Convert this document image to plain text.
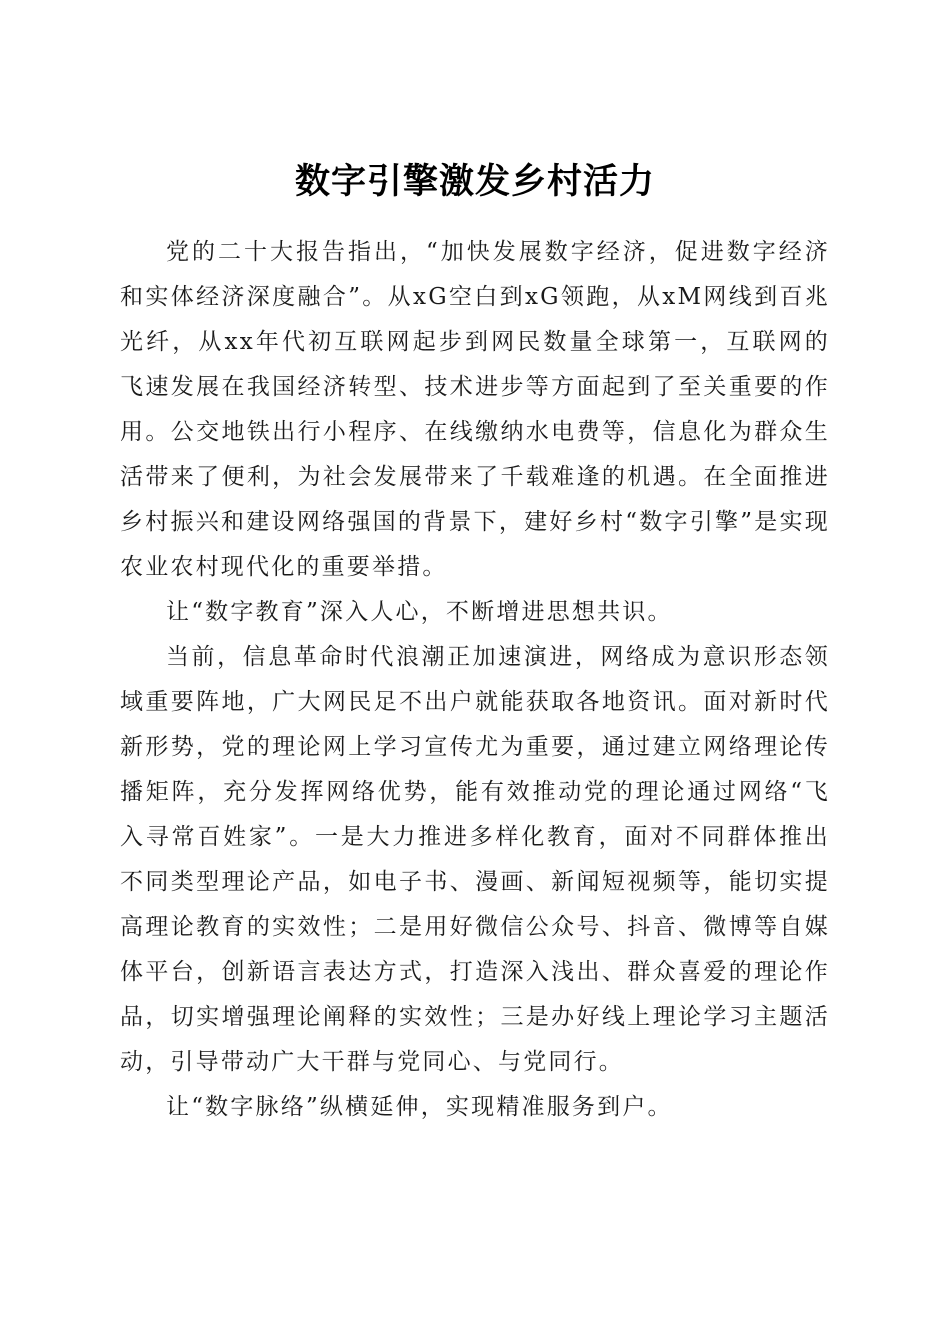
数字引擎激发乡村活力

党的二十大报告指出，“加快发展数字经济，促进数字经济和实体经济深度融合”。从xG空白到xG领跑，从xM网线到百兆光纤，从xx年代初互联网起步到网民数量全球第一，互联网的飞速发展在我国经济转型、技术进步等方面起到了至关重要的作用。公交地铁出行小程序、在线缴纳水电费等，信息化为群众生活带来了便利，为社会发展带来了千载难逢的机遇。在全面推进乡村振兴和建设网络强国的背景下，建好乡村“数字引擎”是实现农业农村现代化的重要举措。

让“数字教育”深入人心，不断增进思想共识。

当前，信息革命时代浪潮正加速演进，网络成为意识形态领域重要阵地，广大网民足不出户就能获取各地资讯。面对新时代新形势，党的理论网上学习宣传尤为重要，通过建立网络理论传播矩阵，充分发挥网络优势，能有效推动党的理论通过网络“飞入寻常百姓家”。一是大力推进多样化教育，面对不同群体推出不同类型理论产品，如电子书、漫画、新闻短视频等，能切实提高理论教育的实效性；二是用好微信公众号、抖音、微博等自媒体平台，创新语言表达方式，打造深入浅出、群众喜爱的理论作品，切实增强理论阐释的实效性；三是办好线上理论学习主题活动，引导带动广大干群与党同心、与党同行。

让“数字脉络”纵横延伸，实现精准服务到户。
